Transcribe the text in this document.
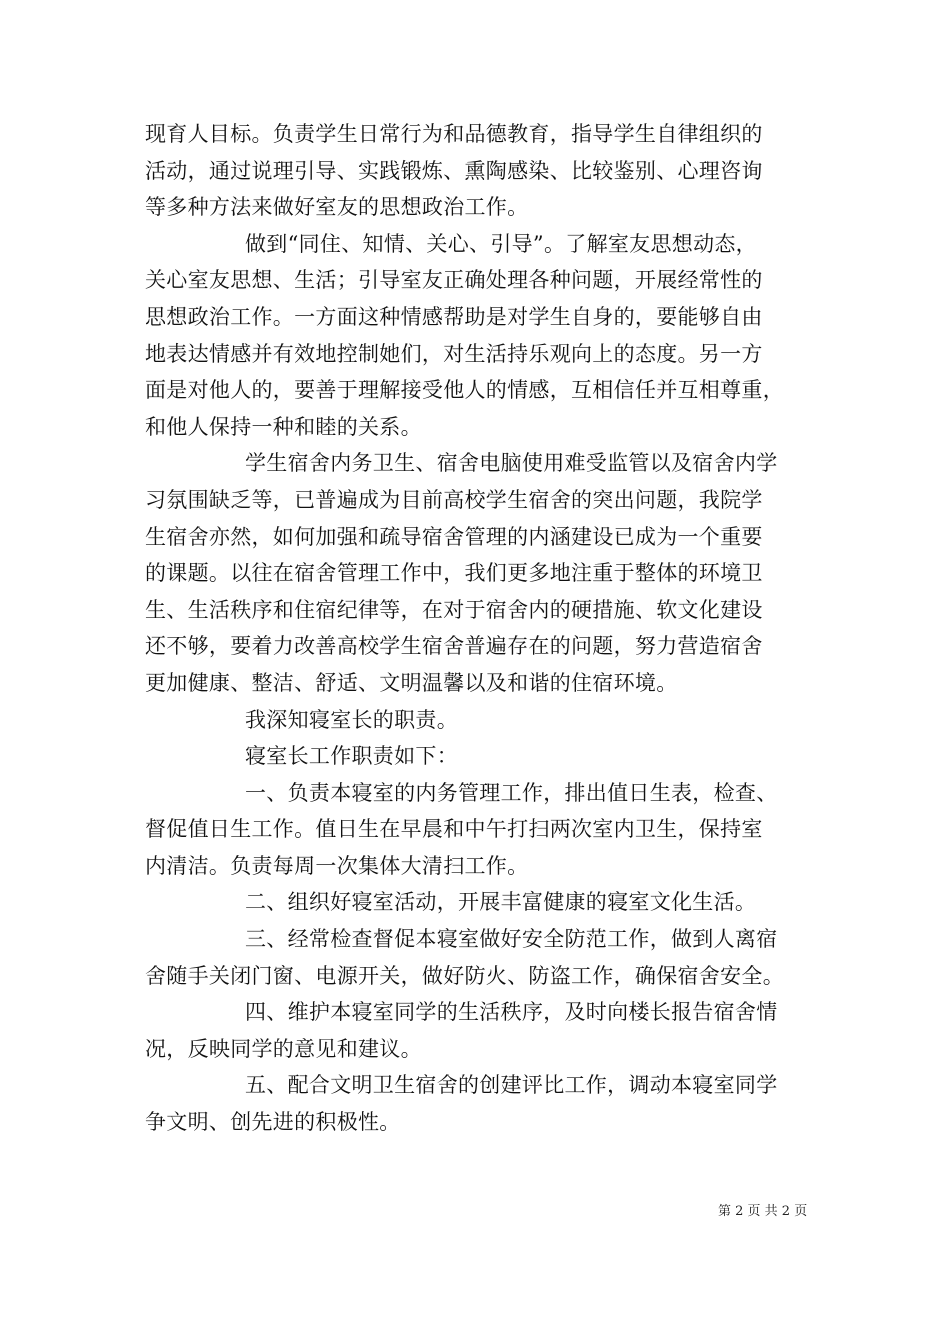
现育人目标。负责学生日常行为和品德教育，指导学生自律组织的
活动，通过说理引导、实践锻炼、熏陶感染、比较鉴别、心理咨询
等多种方法来做好室友的思想政治工作。
做到“同住、知情、关心、引导”。了解室友思想动态，
关心室友思想、生活；引导室友正确处理各种问题，开展经常性的
思想政治工作。一方面这种情感帮助是对学生自身的，要能够自由
地表达情感并有效地控制她们，对生活持乐观向上的态度。另一方
面是对他人的，要善于理解接受他人的情感，互相信任并互相尊重，
和他人保持一种和睦的关系。
学生宿舍内务卫生、宿舍电脑使用难受监管以及宿舍内学
习氛围缺乏等，已普遍成为目前高校学生宿舍的突出问题，我院学
生宿舍亦然，如何加强和疏导宿舍管理的内涵建设已成为一个重要
的课题。以往在宿舍管理工作中，我们更多地注重于整体的环境卫
生、生活秩序和住宿纪律等，在对于宿舍内的硬措施、软文化建设
还不够，要着力改善高校学生宿舍普遍存在的问题，努力营造宿舍
更加健康、整洁、舒适、文明温馨以及和谐的住宿环境。
我深知寝室长的职责。
寝室长工作职责如下：
一、负责本寝室的内务管理工作，排出值日生表，检查、
督促值日生工作。值日生在早晨和中午打扫两次室内卫生，保持室
内清洁。负责每周一次集体大清扫工作。
二、组织好寝室活动，开展丰富健康的寝室文化生活。
三、经常检查督促本寝室做好安全防范工作，做到人离宿
舍随手关闭门窗、电源开关，做好防火、防盗工作，确保宿舍安全。
四、维护本寝室同学的生活秩序，及时向楼长报告宿舍情
况，反映同学的意见和建议。
五、配合文明卫生宿舍的创建评比工作，调动本寝室同学
争文明、创先进的积极性。
第 2 页 共 2 页
